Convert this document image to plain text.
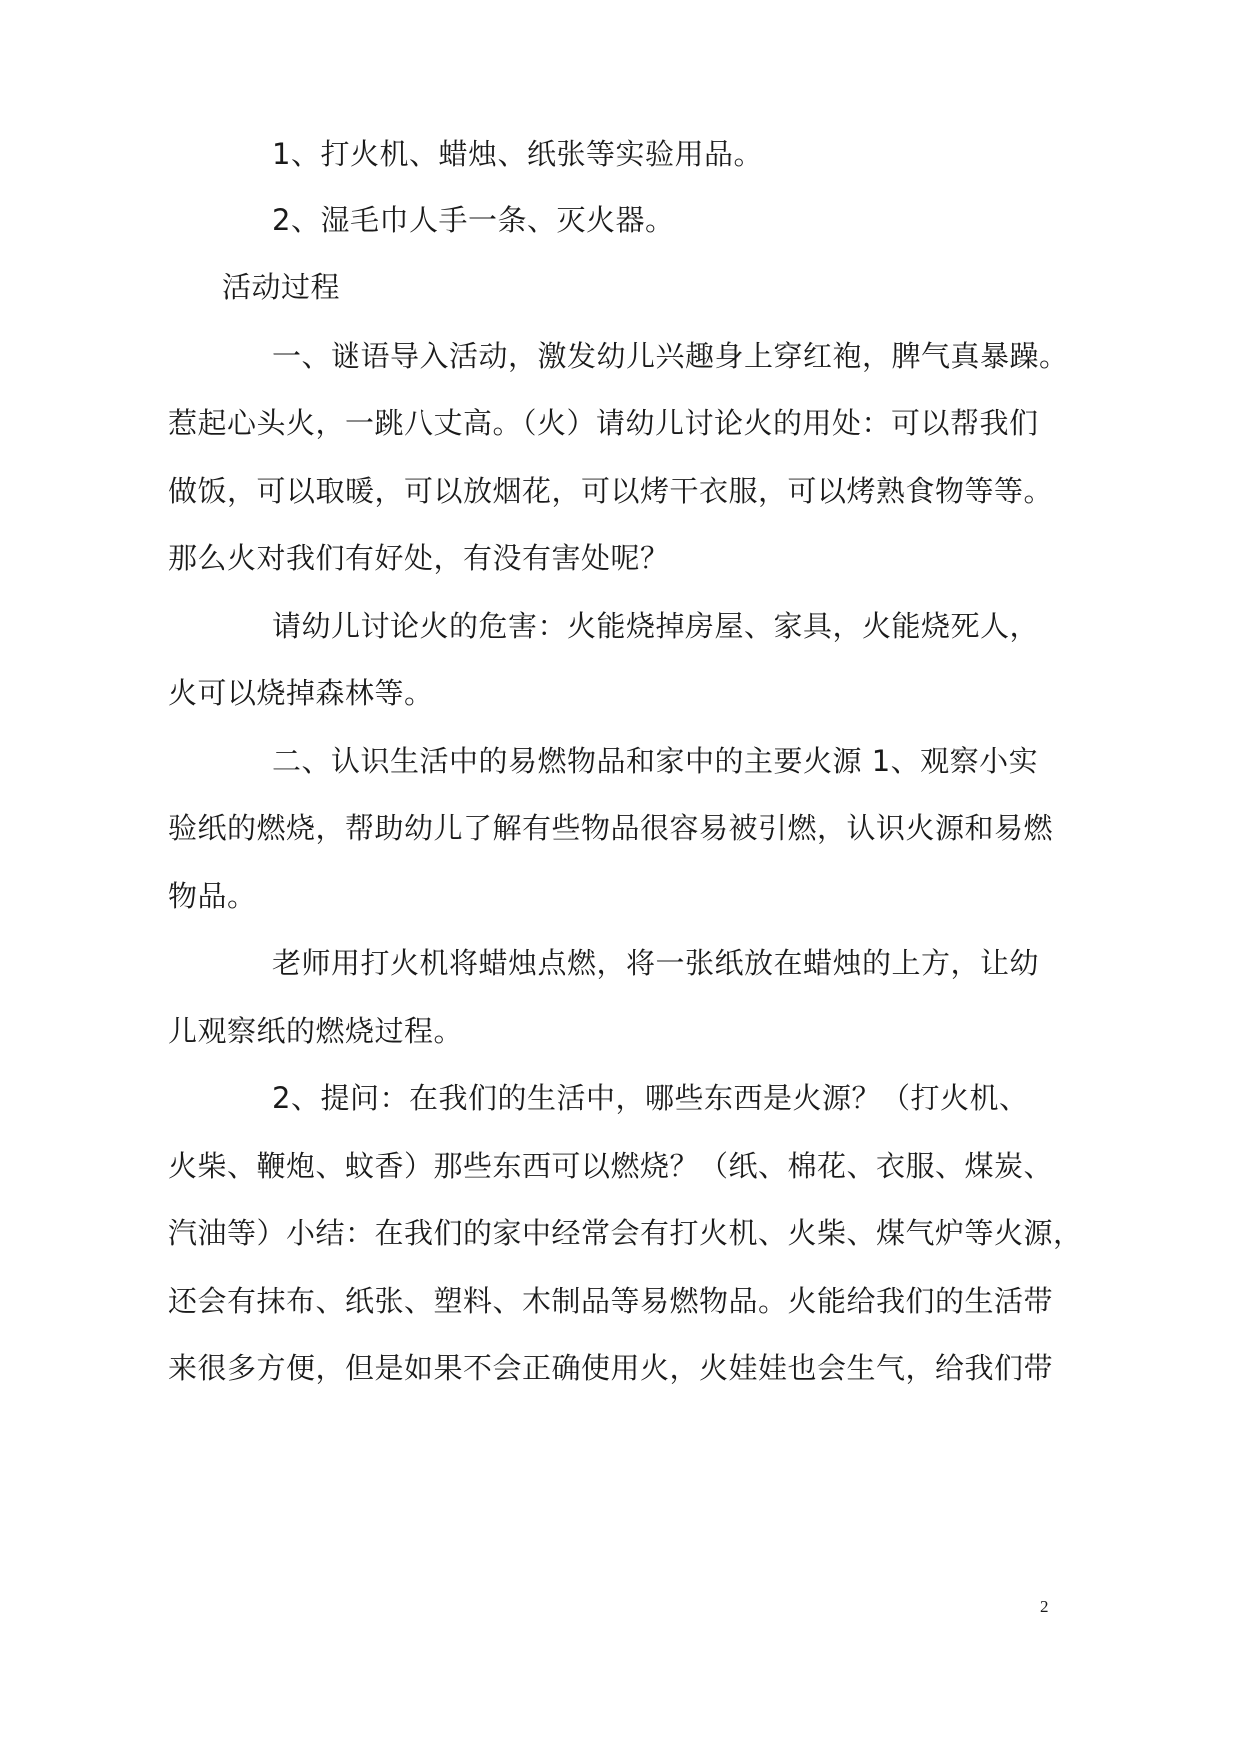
1、打火机、蜡烛、纸张等实验用品。
2、湿毛巾人手一条、灭火器。
活动过程
一、谜语导入活动，激发幼儿兴趣身上穿红袍，脾气真暴躁。
惹起心头火，一跳八丈高。（火）请幼儿讨论火的用处：可以帮我们
做饭，可以取暖，可以放烟花，可以烤干衣服，可以烤熟食物等等。
那么火对我们有好处，有没有害处呢？
请幼儿讨论火的危害：火能烧掉房屋、家具，火能烧死人，
火可以烧掉森林等。
二、认识生活中的易燃物品和家中的主要火源 1、观察小实
验纸的燃烧，帮助幼儿了解有些物品很容易被引燃，认识火源和易燃
物品。
老师用打火机将蜡烛点燃，将一张纸放在蜡烛的上方，让幼
儿观察纸的燃烧过程。
2、提问：在我们的生活中，哪些东西是火源？（打火机、
火柴、鞭炮、蚊香）那些东西可以燃烧？（纸、棉花、衣服、煤炭、
汽油等）小结：在我们的家中经常会有打火机、火柴、煤气炉等火源，
还会有抹布、纸张、塑料、木制品等易燃物品。火能给我们的生活带
来很多方便，但是如果不会正确使用火，火娃娃也会生气，给我们带
2
